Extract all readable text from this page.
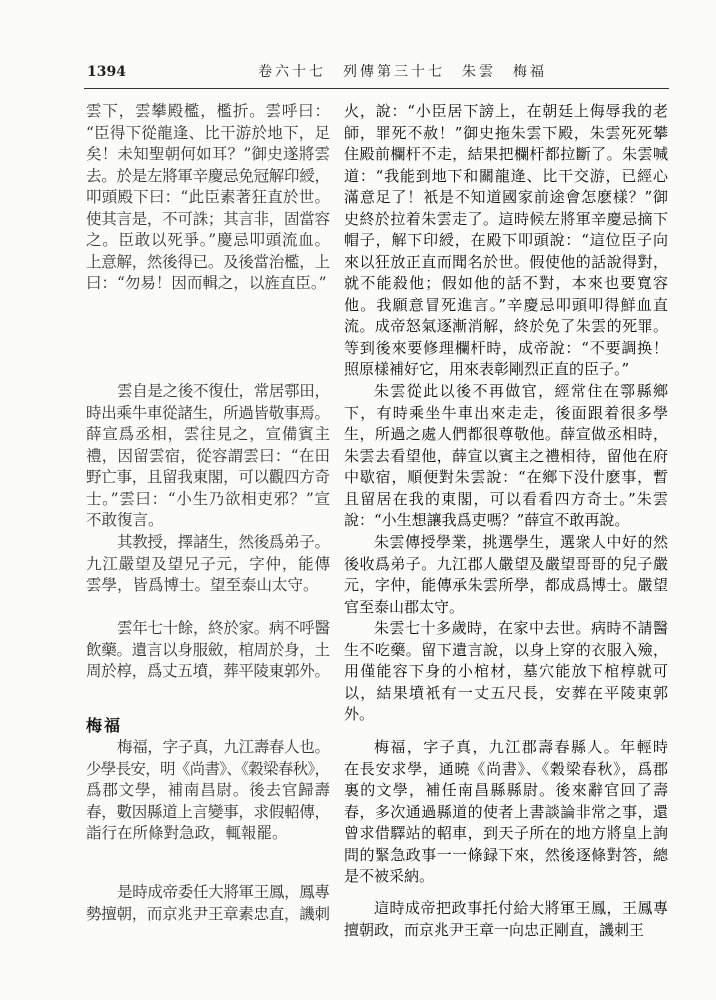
1394	卷六十七　列傳第三十七　朱雲　梅福
雲下，雲攀殿檻，檻折。雲呼曰：
“臣得下從龍逢、比干游於地下，足
矣！未知聖朝何如耳？”御史遂將雲
去。於是左將軍辛慶忌免冠解印綬，
叩頭殿下曰：“此臣素著狂直於世。
使其言是，不可誅；其言非，固當容
之。臣敢以死爭。”慶忌叩頭流血。
上意解，然後得已。及後當治檻，上
曰：“勿易！因而輯之，以旌直臣。”
雲自是之後不復仕，常居鄠田，
時出乘牛車從諸生，所過皆敬事焉。
薛宣爲丞相，雲往見之，宣備賓主
禮，因留雲宿，從容謂雲曰：“在田
野亡事，且留我東閣，可以觀四方奇
士。”雲曰：“小生乃欲相吏邪？”宣
不敢復言。
其教授，擇諸生，然後爲弟子。
九江嚴望及望兄子元，字仲，能傳
雲學，皆爲博士。望至泰山太守。
雲年七十餘，終於家。病不呼醫
飲藥。遺言以身服斂，棺周於身，土
周於椁，爲丈五墳，葬平陵東郭外。
梅福
梅福，字子真，九江壽春人也。
少學長安，明《尚書》、《穀梁春秋》，
爲郡文學，補南昌尉。後去官歸壽
春，數因縣道上言變事，求假軺傳，
詣行在所條對急政，輒報罷。
是時成帝委任大將軍王鳳，鳳專
勢擅朝，而京兆尹王章素忠直，譏刺
火，說：“小臣居下謗上，在朝廷上侮辱我的老
師，罪死不赦！”御史拖朱雲下殿，朱雲死死攀
住殿前欄杆不走，結果把欄杆都拉斷了。朱雲喊
道：“我能到地下和關龍逄、比干交游，已經心
滿意足了！衹是不知道國家前途會怎麽樣？”御
史終於拉着朱雲走了。這時候左將軍辛慶忌摘下
帽子，解下印綬，在殿下叩頭說：“這位臣子向
來以狂放正直而聞名於世。假使他的話說得對，
就不能殺他；假如他的話不對，本來也要寬容
他。我願意冒死進言。”辛慶忌叩頭叩得鮮血直
流。成帝怒氣逐漸消解，終於免了朱雲的死罪。
等到後來要修理欄杆時，成帝說：“不要調换！
照原樣補好它，用來表彰剛烈正直的臣子。”
朱雲從此以後不再做官，經常住在鄠縣鄉
下，有時乘坐牛車出來走走，後面跟着很多學
生，所過之處人們都很尊敬他。薛宣做丞相時，
朱雲去看望他，薛宣以賓主之禮相待，留他在府
中歇宿，順便對朱雲說：“在鄉下没什麽事，暫
且留居在我的東閣，可以看看四方奇士。”朱雲
說：“小生想讓我爲吏嗎？”薛宣不敢再說。
朱雲傳授學業，挑選學生，選衆人中好的然
後收爲弟子。九江郡人嚴望及嚴望哥哥的兒子嚴
元，字仲，能傳承朱雲所學，都成爲博士。嚴望
官至泰山郡太守。
朱雲七十多歲時，在家中去世。病時不請醫
生不吃藥。留下遺言說，以身上穿的衣服入殮，
用僅能容下身的小棺材，墓穴能放下棺椁就可
以，結果墳衹有一丈五尺長，安葬在平陵東郭
外。
梅福，字子真，九江郡壽春縣人。年輕時
在長安求學，通曉《尚書》、《穀梁春秋》，爲郡
裏的文學，補任南昌縣縣尉。後來辭官回了壽
春，多次通過縣道的使者上書談論非常之事，還
曾求借驛站的軺車，到天子所在的地方將皇上詢
問的緊急政事一一條録下來，然後逐條對答，總
是不被采納。
這時成帝把政事托付給大將軍王鳳，王鳳專
擅朝政，而京兆尹王章一向忠正剛直，譏刺王
